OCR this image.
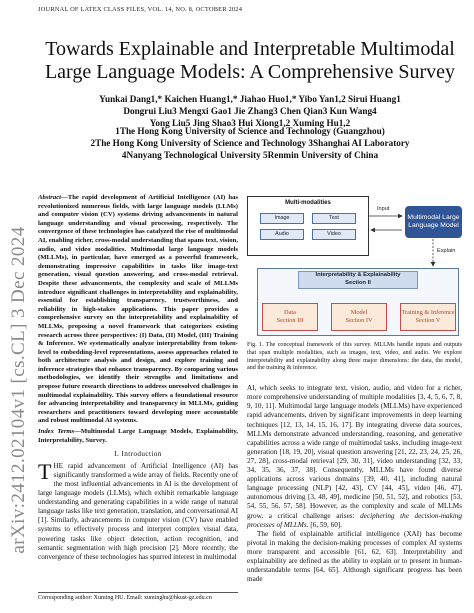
arXiv:2412.02104v1 [cs.CL] 3 Dec 2024
JOURNAL OF LATEX CLASS FILES, VOL. 14, NO. 8, OCTOBER 2024
Towards Explainable and Interpretable Multimodal
Large Language Models: A Comprehensive Survey
Yunkai Dang1,* Kaichen Huang1,* Jiahao Huo1,* Yibo Yan1,2 Sirui Huang1
Dongrui Liu3 Mengxi Gao1 Jie Zhang3 Chen Qian3 Kun Wang4
Yong Liu5 Jing Shao3 Hui Xiong1,2 Xuming Hu1,2
1The Hong Kong University of Science and Technology (Guangzhou)
2The Hong Kong University of Science and Technology 3Shanghai AI Laboratory
4Nanyang Technological University 5Renmin University of China

Abstract—The rapid development of Artificial Intelligence (AI) has revolutionized numerous fields, with large language models (LLMs) and computer vision (CV) systems driving advancements in natural language understanding and visual processing, respectively. The convergence of these technologies has catalyzed the rise of multimodal AI, enabling richer, cross-modal understanding that spans text, vision, audio, and video modalities. Multimodal large language models (MLLMs), in particular, have emerged as a powerful framework, demonstrating impressive capabilities in tasks like image-text generation, visual question answering, and cross-modal retrieval. Despite these advancements, the complexity and scale of MLLMs introduce significant challenges in interpretability and explainability, essential for establishing transparency, trustworthiness, and reliability in high-stakes applications. This paper provides a comprehensive survey on the interpretability and explainability of MLLMs, proposing a novel framework that categorizes existing research across three perspectives: (I) Data, (II) Model, (III) Training & Inference. We systematically analyze interpretability from token-level to embedding-level representations, assess approaches related to both architecture analysis and design, and explore training and inference strategies that enhance transparency. By comparing various methodologies, we identify their strengths and limitations and propose future research directions to address unresolved challenges in multimodal explainability. This survey offers a foundational resource for advancing interpretability and transparency in MLLMs, guiding researchers and practitioners toward developing more accountable and robust multimodal AI systems.

Index Terms—Multimodal Large Language Models, Explainability, Interpretability, Survey.

I. Introduction

THE rapid advancement of Artificial Intelligence (AI) has significantly transformed a wide array of fields. Recently one of the most influential advancements in AI is the development of large language models (LLMs), which exhibit remarkable language understanding and generating capabilities in a wide range of natural language tasks like text generation, translation, and conversational AI [1]. Similarly, advancements in computer vision (CV) have enabled systems to effectively process and interpret complex visual data, powering tasks like object detection, action recognition, and semantic segmentation with high precision [2]. More recently, the convergence of these technologies has spurred interest in multimodal

Corresponding author: Xuming HU. Email: xuminghu@hkust-gz.edu.cn
Multi-modalities
Image	Text
Audio	Video
Input
Explain
Multimodal Large Language Model
Interpretability & Explainability
Section II
Data
Section III
Model
Section IV
Training & Inference
Section V
Fig. 1. The conceptual framework of this survey. MLLMs handle inputs and outputs that span multiple modalities, such as images, text, video, and audio. We explore interpretability and explainability along three major dimensions: the data, the model, and the training & inference.

AI, which seeks to integrate text, vision, audio, and video for a richer, more comprehensive understanding of multiple modalities [3, 4, 5, 6, 7, 8, 9, 10, 11]. Multimodal large language models (MLLMs) have experienced rapid advancements, driven by significant improvements in deep learning techniques [12, 13, 14, 15, 16, 17]. By integrating diverse data sources, MLLMs demonstrate advanced understanding, reasoning, and generative capabilities across a wide range of multimodal tasks, including image-text generation [18, 19, 20], visual question answering [21, 22, 23, 24, 25, 26, 27, 28], cross-modal retrieval [29, 30, 31], video understanding [32, 33, 34, 35, 36, 37, 38]. Consequently, MLLMs have found diverse applications across various domains [39, 40, 41], including natural language processing (NLP) [42, 43], CV [44, 45], video [46, 47], autonomous driving [3, 48, 49], medicine [50, 51, 52], and robotics [53, 54, 55, 56, 57, 58]. However, as the complexity and scale of MLLMs grow, a critical challenge arises: deciphering the decision-making processes of MLLMs. [6, 59, 60].

The field of explainable artificial intelligence (XAI) has become pivotal in making the decision-making processes of complex AI systems more transparent and accessible [61, 62, 63]. Interpretability and explainability are defined as the ability to explain or to present in human-understandable terms [64, 65]. Although significant progress has been made
